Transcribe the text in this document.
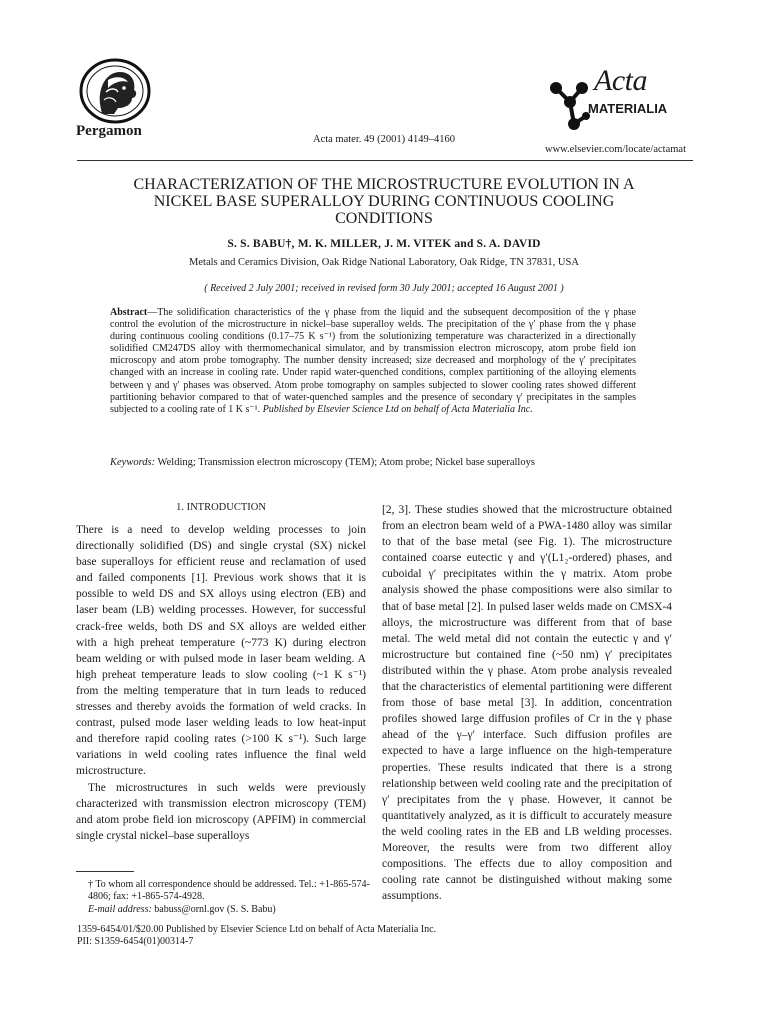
Pergamon
Acta mater. 49 (2001) 4149–4160
Acta
MATERIALIA
www.elsevier.com/locate/actamat
CHARACTERIZATION OF THE MICROSTRUCTURE EVOLUTION IN A NICKEL BASE SUPERALLOY DURING CONTINUOUS COOLING CONDITIONS
S. S. BABU†, M. K. MILLER, J. M. VITEK and S. A. DAVID
Metals and Ceramics Division, Oak Ridge National Laboratory, Oak Ridge, TN 37831, USA
( Received 2 July 2001; received in revised form 30 July 2001; accepted 16 August 2001 )
Abstract—The solidification characteristics of the γ phase from the liquid and the subsequent decomposition of the γ phase control the evolution of the microstructure in nickel–base superalloy welds. The precipitation of the γ′ phase from the γ phase during continuous cooling conditions (0.17–75 K s⁻¹) from the solutionizing temperature was characterized in a directionally solidified CM247DS alloy with thermomechanical simulator, and by transmission electron microscopy, atom probe field ion microscopy and atom probe tomography. The number density increased; size decreased and morphology of the γ′ precipitates changed with an increase in cooling rate. Under rapid water-quenched conditions, complex partitioning of the alloying elements between γ and γ′ phases was observed. Atom probe tomography on samples subjected to slower cooling rates showed different partitioning behavior compared to that of water-quenched samples and the presence of secondary γ′ precipitates in the samples subjected to a cooling rate of 1 K s⁻¹. Published by Elsevier Science Ltd on behalf of Acta Materialia Inc.
Keywords: Welding; Transmission electron microscopy (TEM); Atom probe; Nickel base superalloys
1. INTRODUCTION

There is a need to develop welding processes to join directionally solidified (DS) and single crystal (SX) nickel base superalloys for efficient reuse and reclamation of used and failed components [1]. Previous work shows that it is possible to weld DS and SX alloys using electron (EB) and laser beam (LB) welding processes. However, for successful crack-free welds, both DS and SX alloys are welded either with a high preheat temperature (~773 K) during electron beam welding or with pulsed mode in laser beam welding. A high preheat temperature leads to slow cooling (~1 K s⁻¹) from the melting temperature that in turn leads to reduced stresses and thereby avoids the formation of weld cracks. In contrast, pulsed mode laser welding leads to low heat-input and therefore rapid cooling rates (>100 K s⁻¹). Such large variations in weld cooling rates influence the final weld microstructure.

The microstructures in such welds were previously characterized with transmission electron microscopy (TEM) and atom probe field ion microscopy (APFIM) in commercial single crystal nickel–base superalloys

[2, 3]. These studies showed that the microstructure obtained from an electron beam weld of a PWA-1480 alloy was similar to that of the base metal (see Fig. 1). The microstructure contained coarse eutectic γ and γ′(L1₂-ordered) phases, and cuboidal γ′ precipitates within the γ matrix. Atom probe analysis showed the phase compositions were also similar to that of base metal [2]. In pulsed laser welds made on CMSX-4 alloys, the microstructure was different from that of base metal. The weld metal did not contain the eutectic γ and γ′ microstructure but contained fine (~50 nm) γ′ precipitates distributed within the γ phase. Atom probe analysis revealed that the characteristics of elemental partitioning were different from those of base metal [3]. In addition, concentration profiles showed large diffusion profiles of Cr in the γ phase ahead of the γ–γ′ interface. Such diffusion profiles are expected to have a large influence on the high-temperature properties. These results indicated that there is a strong relationship between weld cooling rate and the precipitation of γ′ precipitates from the γ phase. However, it cannot be quantitatively analyzed, as it is difficult to accurately measure the weld cooling rates in the EB and LB welding processes. Moreover, the results were from two different alloy compositions. The effects due to alloy composition and cooling rate cannot be distinguished without making some assumptions.

† To whom all correspondence should be addressed. Tel.: +1-865-574-4806; fax: +1-865-574-4928.
E-mail address: babuss@ornl.gov (S. S. Babu)
1359-6454/01/$20.00 Published by Elsevier Science Ltd on behalf of Acta Materialia Inc.
PII: S1359-6454(01)00314-7
